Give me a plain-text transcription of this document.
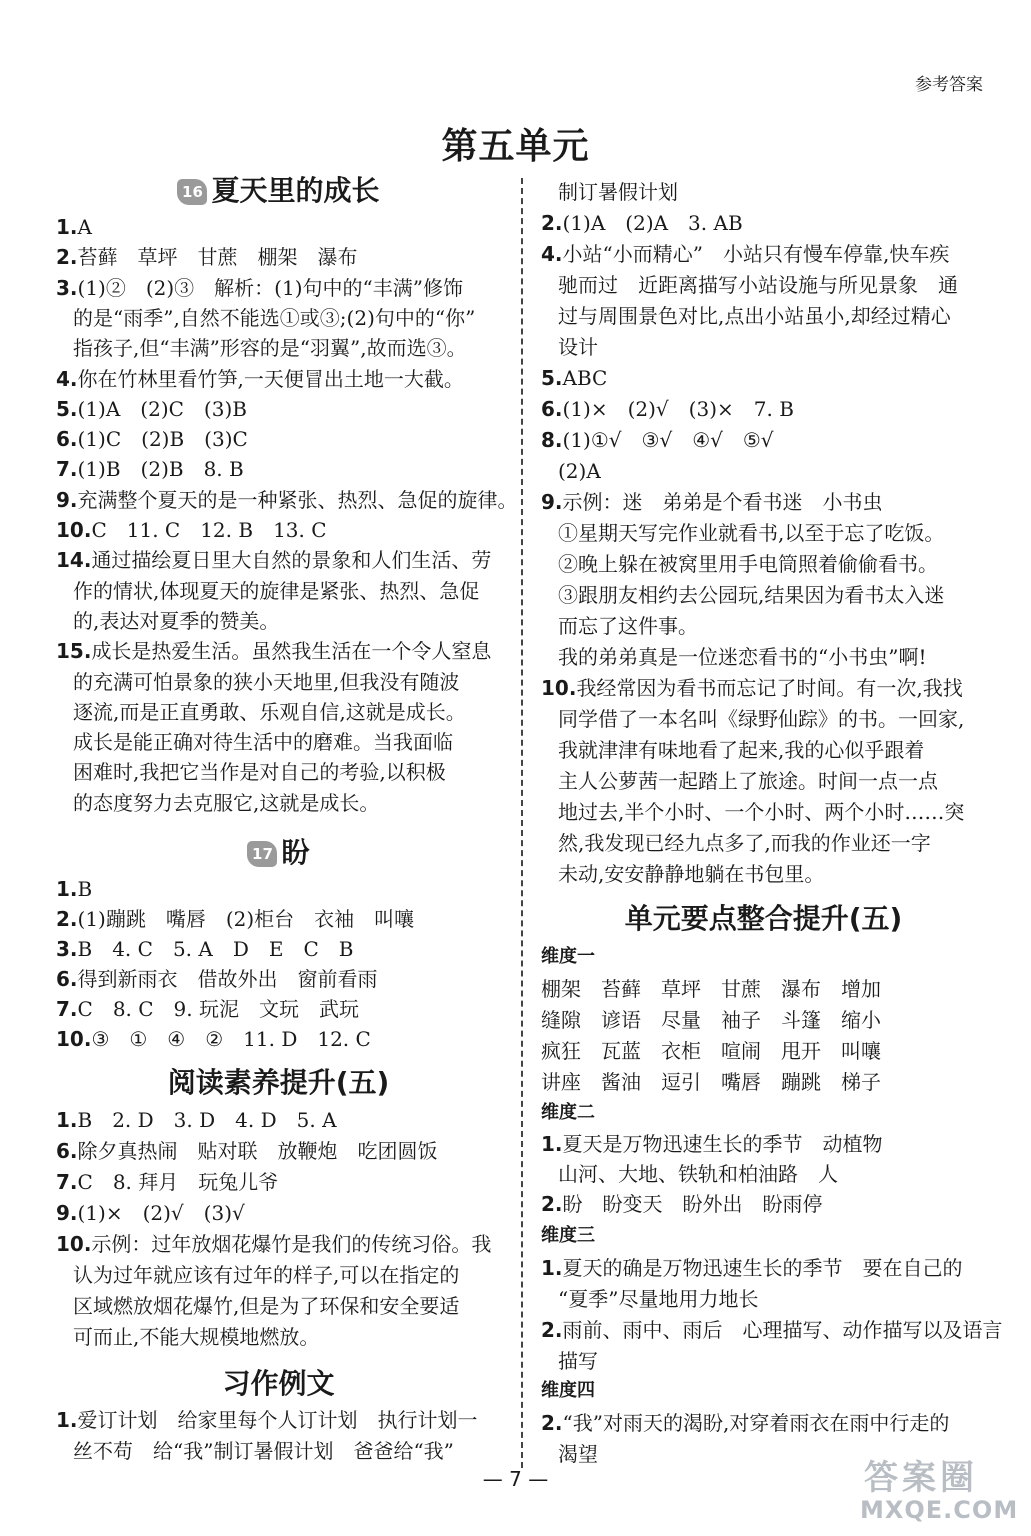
参考答案
第五单元
16 夏天里的成长
1.A
2.苔藓　草坪　甘蔗　棚架　瀑布
3.(1)②　(2)③　解析：(1)句中的“丰满”修饰
的是“雨季”,自然不能选①或③;(2)句中的“你”
指孩子,但“丰满”形容的是“羽翼”,故而选③。
4.你在竹林里看竹笋,一天便冒出土地一大截。
5.(1)A　(2)C　(3)B
6.(1)C　(2)B　(3)C
7.(1)B　(2)B　8. B
9.充满整个夏天的是一种紧张、热烈、急促的旋律。
10.C　11. C　12. B　13. C
14.通过描绘夏日里大自然的景象和人们生活、劳
作的情状,体现夏天的旋律是紧张、热烈、急促
的,表达对夏季的赞美。
15.成长是热爱生活。虽然我生活在一个令人窒息
的充满可怕景象的狭小天地里,但我没有随波
逐流,而是正直勇敢、乐观自信,这就是成长。
成长是能正确对待生活中的磨难。当我面临
困难时,我把它当作是对自己的考验,以积极
的态度努力去克服它,这就是成长。
17 盼
1.B
2.(1)蹦跳　嘴唇　(2)柜台　衣袖　叫嚷
3.B　4. C　5. A　D　E　C　B
6.得到新雨衣　借故外出　窗前看雨
7.C　8. C　9. 玩泥　文玩　武玩
10.③　①　④　②　11. D　12. C
阅读素养提升(五)
1.B　2. D　3. D　4. D　5. A
6.除夕真热闹　贴对联　放鞭炮　吃团圆饭
7.C　8. 拜月　玩兔儿爷
9.(1)×　(2)√　(3)√
10.示例：过年放烟花爆竹是我们的传统习俗。我
认为过年就应该有过年的样子,可以在指定的
区域燃放烟花爆竹,但是为了环保和安全要适
可而止,不能大规模地燃放。
习作例文
1.爱订计划　给家里每个人订计划　执行计划一
丝不苟　给“我”制订暑假计划　爸爸给“我”
制订暑假计划
2.(1)A　(2)A　3. AB
4.小站“小而精心”　小站只有慢车停靠,快车疾
驰而过　近距离描写小站设施与所见景象　通
过与周围景色对比,点出小站虽小,却经过精心
设计
5.ABC
6.(1)×　(2)√　(3)×　7. B
8.(1)①√　③√　④√　⑤√
(2)A
9.示例：迷　弟弟是个看书迷　小书虫
①星期天写完作业就看书,以至于忘了吃饭。
②晚上躲在被窝里用手电筒照着偷偷看书。
③跟朋友相约去公园玩,结果因为看书太入迷
而忘了这件事。
我的弟弟真是一位迷恋看书的“小书虫”啊!
10.我经常因为看书而忘记了时间。有一次,我找
同学借了一本名叫《绿野仙踪》的书。一回家,
我就津津有味地看了起来,我的心似乎跟着
主人公萝茜一起踏上了旅途。时间一点一点
地过去,半个小时、一个小时、两个小时……突
然,我发现已经九点多了,而我的作业还一字
未动,安安静静地躺在书包里。
单元要点整合提升(五)
维度一
棚架　苔藓　草坪　甘蔗　瀑布　增加
缝隙　谚语　尽量　袖子　斗篷　缩小
疯狂　瓦蓝　衣柜　喧闹　甩开　叫嚷
讲座　酱油　逗引　嘴唇　蹦跳　梯子
维度二
1.夏天是万物迅速生长的季节　动植物
山河、大地、铁轨和柏油路　人
2.盼　盼变天　盼外出　盼雨停
维度三
1.夏天的确是万物迅速生长的季节　要在自己的
“夏季”尽量地用力地长
2.雨前、雨中、雨后　心理描写、动作描写以及语言
描写
维度四
2.“我”对雨天的渴盼,对穿着雨衣在雨中行走的
渴望
— 7 —	答案圈
MXQE.COM
